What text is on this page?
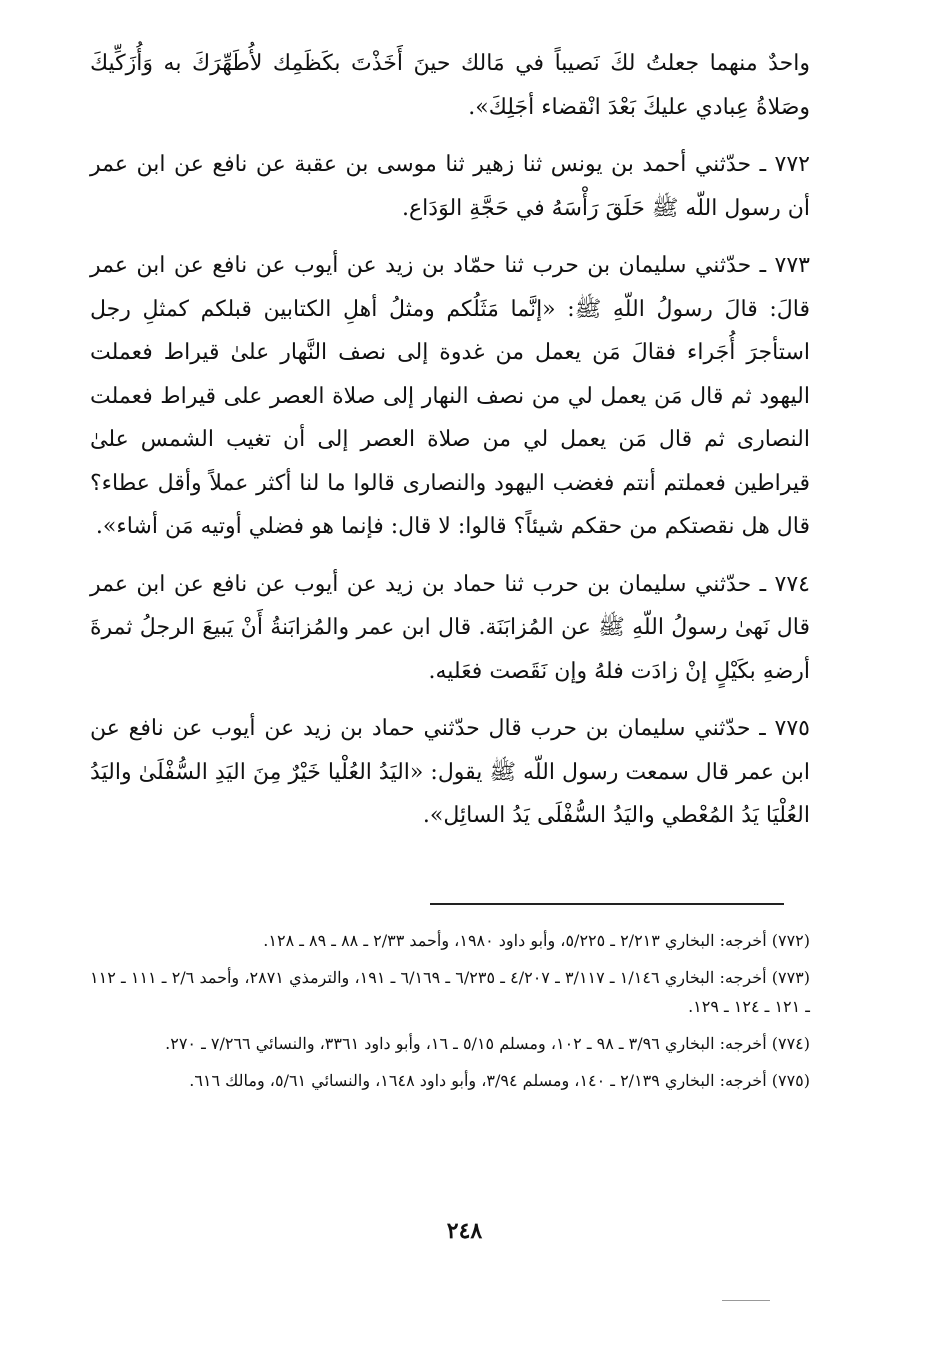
واحدٌ منهما جعلتُ لكَ نَصيباً في مَالك حينَ أَخَذْتَ بكَظَمِك لأُطَهِّرَكَ به وَأُزَكِّيكَ وصَلاةُ عِبادي عليكَ بَعْدَ انْقضاء أجَلِكَ».

٧٧٢ ـ حدّثني أحمد بن يونس ثنا زهير ثنا موسى بن عقبة عن نافع عن ابن عمر أن رسول اللّه ﷺ حَلَقَ رَأْسَهُ في حَجَّةِ الوَدَاع.

٧٧٣ ـ حدّثني سليمان بن حرب ثنا حمّاد بن زيد عن أيوب عن نافع عن ابن عمر قالَ: قالَ رسولُ اللّهِ ﷺ: «إنَّما مَثَلُكم ومثلُ أهلِ الكتابين قبلكم كمثلِ رجل استأجرَ أُجَراء فقالَ مَن يعمل من غدوة إلى نصف النَّهار علىٰ قيراط فعملت اليهود ثم قال مَن يعمل لي من نصف النهار إلى صلاة العصر على قيراط فعملت النصارى ثم قال مَن يعمل لي من صلاة العصر إلى أن تغيب الشمس علىٰ قيراطين فعملتم أنتم فغضب اليهود والنصارى قالوا ما لنا أكثر عملاً وأقل عطاء؟ قال هل نقصتكم من حقكم شيئاً؟ قالوا: لا قال: فإنما هو فضلي أوتيه مَن أشاء».

٧٧٤ ـ حدّثني سليمان بن حرب ثنا حماد بن زيد عن أيوب عن نافع عن ابن عمر قال نَهىٰ رسولُ اللّهِ ﷺ عن المُزابَنَة. قال ابن عمر والمُزابَنةُ أَنْ يَبيعَ الرجلُ ثمرةَ أرضهِ بكَيْلٍ إنْ زادَت فلهُ وإن نَقَصت فعَليه.

٧٧٥ ـ حدّثني سليمان بن حرب قال حدّثني حماد بن زيد عن أيوب عن نافع عن ابن عمر قال سمعت رسول اللّه ﷺ يقول: «اليَدُ العُلْيا خَيْرٌ مِنَ اليَدِ السُّفْلَىٰ واليَدُ العُلْيَا يَدُ المُعْطي واليَدُ السُّفْلَى يَدُ السائِل».

(٧٧٢) أخرجه: البخاري ٢/٢١٣ ـ ٥/٢٢٥، وأبو داود ١٩٨٠، وأحمد ٢/٣٣ ـ ٨٨ ـ ٨٩ ـ ١٢٨.

(٧٧٣) أخرجه: البخاري ١/١٤٦ ـ ٣/١١٧ ـ ٤/٢٠٧ ـ ٦/٢٣٥ ـ ٦/١٦٩ ـ ١٩١، والترمذي ٢٨٧١، وأحمد ٢/٦ ـ ١١١ ـ ١١٢ ـ ١٢١ ـ ١٢٤ ـ ١٢٩.

(٧٧٤) أخرجه: البخاري ٣/٩٦ ـ ٩٨ ـ ١٠٢، ومسلم ٥/١٥ ـ ١٦، وأبو داود ٣٣٦١، والنسائي ٧/٢٦٦ ـ ٢٧٠.

(٧٧٥) أخرجه: البخاري ٢/١٣٩ ـ ١٤٠، ومسلم ٣/٩٤، وأبو داود ١٦٤٨، والنسائي ٥/٦١، ومالك ٦١٦.

٢٤٨
